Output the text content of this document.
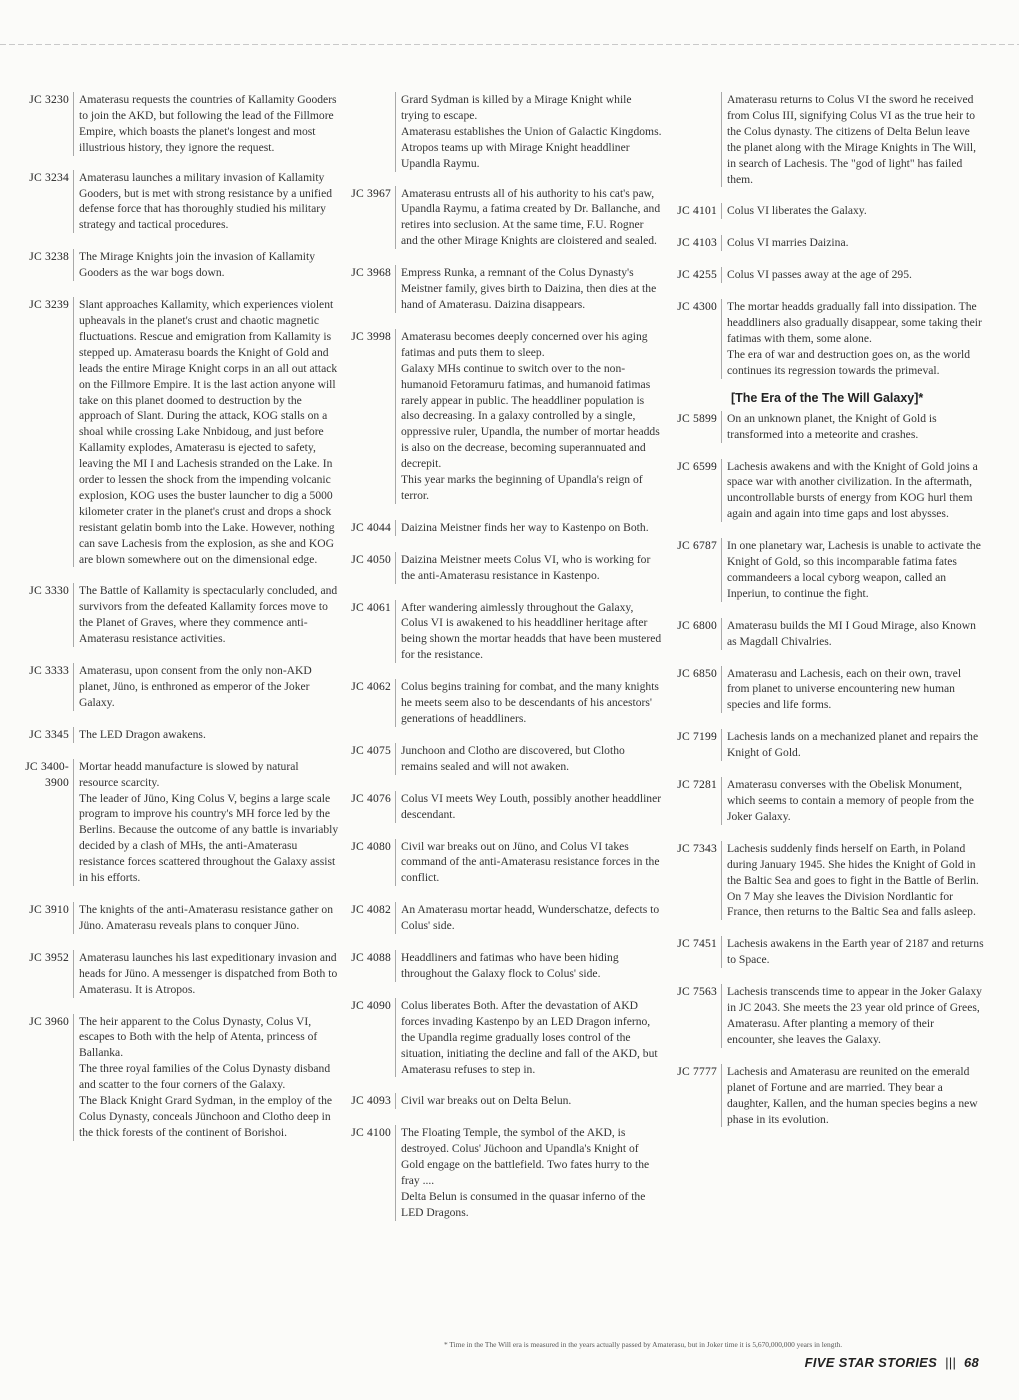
JC 3230 Amaterasu requests the countries of Kallamity Gooders to join the AKD, but following the lead of the Fillmore Empire, which boasts the planet's longest and most illustrious history, they ignore the request.

JC 3234 Amaterasu launches a military invasion of Kallamity Gooders, but is met with strong resistance by a unified defense force that has thoroughly studied his military strategy and tactical procedures.

JC 3238 The Mirage Knights join the invasion of Kallamity Gooders as the war bogs down.

JC 3239 Slant approaches Kallamity, which experiences violent upheavals in the planet's crust and chaotic magnetic fluctuations. Rescue and emigration from Kallamity is stepped up. Amaterasu boards the Knight of Gold and leads the entire Mirage Knight corps in an all out attack on the Fillmore Empire. It is the last action anyone will take on this planet doomed to destruction by the approach of Slant. During the attack, KOG stalls on a shoal while crossing Lake Nnbidoug, and just before Kallamity explodes, Amaterasu is ejected to safety, leaving the MI I and Lachesis stranded on the Lake. In order to lessen the shock from the impending volcanic explosion, KOG uses the buster launcher to dig a 5000 kilometer crater in the planet's crust and drops a shock resistant gelatin bomb into the Lake. However, nothing can save Lachesis from the explosion, as she and KOG are blown somewhere out on the dimensional edge.

JC 3330 The Battle of Kallamity is spectacularly concluded, and survivors from the defeated Kallamity forces move to the Planet of Graves, where they commence anti-Amaterasu resistance activities.

JC 3333 Amaterasu, upon consent from the only non-AKD planet, Jüno, is enthroned as emperor of the Joker Galaxy.

JC 3345 The LED Dragon awakens.

JC 3400-
3900

Mortar headd manufacture is slowed by natural resource scarcity.

The leader of Jüno, King Colus V, begins a large scale program to improve his country's MH force led by the Berlins. Because the outcome of any battle is invariably decided by a clash of MHs, the anti-Amaterasu resistance forces scattered throughout the Galaxy assist in his efforts.

JC 3910 The knights of the anti-Amaterasu resistance gather on Jüno. Amaterasu reveals plans to conquer Jüno.

JC 3952 Amaterasu launches his last expeditionary invasion and heads for Jüno. A messenger is dispatched from Both to Amaterasu. It is Atropos.

JC 3960 The heir apparent to the Colus Dynasty, Colus VI, escapes to Both with the help of Atenta, princess of Ballanka.

The three royal families of the Colus Dynasty disband and scatter to the four corners of the Galaxy.

The Black Knight Grard Sydman, in the employ of the Colus Dynasty, conceals Jünchoon and Clotho deep in the thick forests of the continent of Borishoi.

Grard Sydman is killed by a Mirage Knight while trying to escape.

Amaterasu establishes the Union of Galactic Kingdoms.

Atropos teams up with Mirage Knight headdliner Upandla Raymu.

JC 3967 Amaterasu entrusts all of his authority to his cat's paw, Upandla Raymu, a fatima created by Dr. Ballanche, and retires into seclusion. At the same time, F.U. Rogner and the other Mirage Knights are cloistered and sealed.

JC 3968 Empress Runka, a remnant of the Colus Dynasty's Meistner family, gives birth to Daizina, then dies at the hand of Amaterasu. Daizina disappears.

JC 3998 Amaterasu becomes deeply concerned over his aging fatimas and puts them to sleep.

Galaxy MHs continue to switch over to the non-humanoid Fetoramuru fatimas, and humanoid fatimas rarely appear in public. The headdliner population is also decreasing. In a galaxy controlled by a single, oppressive ruler, Upandla, the number of mortar headds is also on the decrease, becoming superannuated and decrepit.

This year marks the beginning of Upandla's reign of terror.

JC 4044 Daizina Meistner finds her way to Kastenpo on Both.

JC 4050 Daizina Meistner meets Colus VI, who is working for the anti-Amaterasu resistance in Kastenpo.

JC 4061 After wandering aimlessly throughout the Galaxy, Colus VI is awakened to his headdliner heritage after being shown the mortar headds that have been mustered for the resistance.

JC 4062 Colus begins training for combat, and the many knights he meets seem also to be descendants of his ancestors' generations of headdliners.

JC 4075 Junchoon and Clotho are discovered, but Clotho remains sealed and will not awaken.

JC 4076 Colus VI meets Wey Louth, possibly another headdliner descendant.

JC 4080 Civil war breaks out on Jüno, and Colus VI takes command of the anti-Amaterasu resistance forces in the conflict.

JC 4082 An Amaterasu mortar headd, Wunderschatze, defects to Colus' side.

JC 4088 Headdliners and fatimas who have been hiding throughout the Galaxy flock to Colus' side.

JC 4090 Colus liberates Both. After the devastation of AKD forces invading Kastenpo by an LED Dragon inferno, the Upandla regime gradually loses control of the situation, initiating the decline and fall of the AKD, but Amaterasu refuses to step in.

JC 4093 Civil war breaks out on Delta Belun.

JC 4100 The Floating Temple, the symbol of the AKD, is destroyed. Colus' Jüchoon and Upandla's Knight of Gold engage on the battlefield. Two fates hurry to the fray ....

Delta Belun is consumed in the quasar inferno of the LED Dragons.

Amaterasu returns to Colus VI the sword he received from Colus III, signifying Colus VI as the true heir to the Colus dynasty. The citizens of Delta Belun leave the planet along with the Mirage Knights in The Will, in search of Lachesis. The "god of light" has failed them.

JC 4101 Colus VI liberates the Galaxy.

JC 4103 Colus VI marries Daizina.

JC 4255 Colus VI passes away at the age of 295.

JC 4300 The mortar headds gradually fall into dissipation. The headdliners also gradually disappear, some taking their fatimas with them, some alone.

The era of war and destruction goes on, as the world continues its regression towards the primeval.

[The Era of the The Will Galaxy]*
JC 5899 On an unknown planet, the Knight of Gold is transformed into a meteorite and crashes.

JC 6599 Lachesis awakens and with the Knight of Gold joins a space war with another civilization. In the aftermath, uncontrollable bursts of energy from KOG hurl them again and again into time gaps and lost abysses.

JC 6787 In one planetary war, Lachesis is unable to activate the Knight of Gold, so this incomparable fatima fates commandeers a local cyborg weapon, called an Inperiun, to continue the fight.

JC 6800 Amaterasu builds the MI I Goud Mirage, also Known as Magdall Chivalries.

JC 6850 Amaterasu and Lachesis, each on their own, travel from planet to universe encountering new human species and life forms.

JC 7199 Lachesis lands on a mechanized planet and repairs the Knight of Gold.

JC 7281 Amaterasu converses with the Obelisk Monument, which seems to contain a memory of people from the Joker Galaxy.

JC 7343 Lachesis suddenly finds herself on Earth, in Poland during January 1945. She hides the Knight of Gold in the Baltic Sea and goes to fight in the Battle of Berlin. On 7 May she leaves the Division Nordlantic for France, then returns to the Baltic Sea and falls asleep.

JC 7451 Lachesis awakens in the Earth year of 2187 and returns to Space.

JC 7563 Lachesis transcends time to appear in the Joker Galaxy in JC 2043. She meets the 23 year old prince of Grees, Amaterasu. After planting a memory of their encounter, she leaves the Galaxy.

JC 7777 Lachesis and Amaterasu are reunited on the emerald planet of Fortune and are married. They bear a daughter, Kallen, and the human species begins a new phase in its evolution.

* Time in the The Will era is measured in the years actually passed by Amaterasu, but in Joker time it is 5,670,000,000 years in length.
FIVE STAR STORIES ||| 68
